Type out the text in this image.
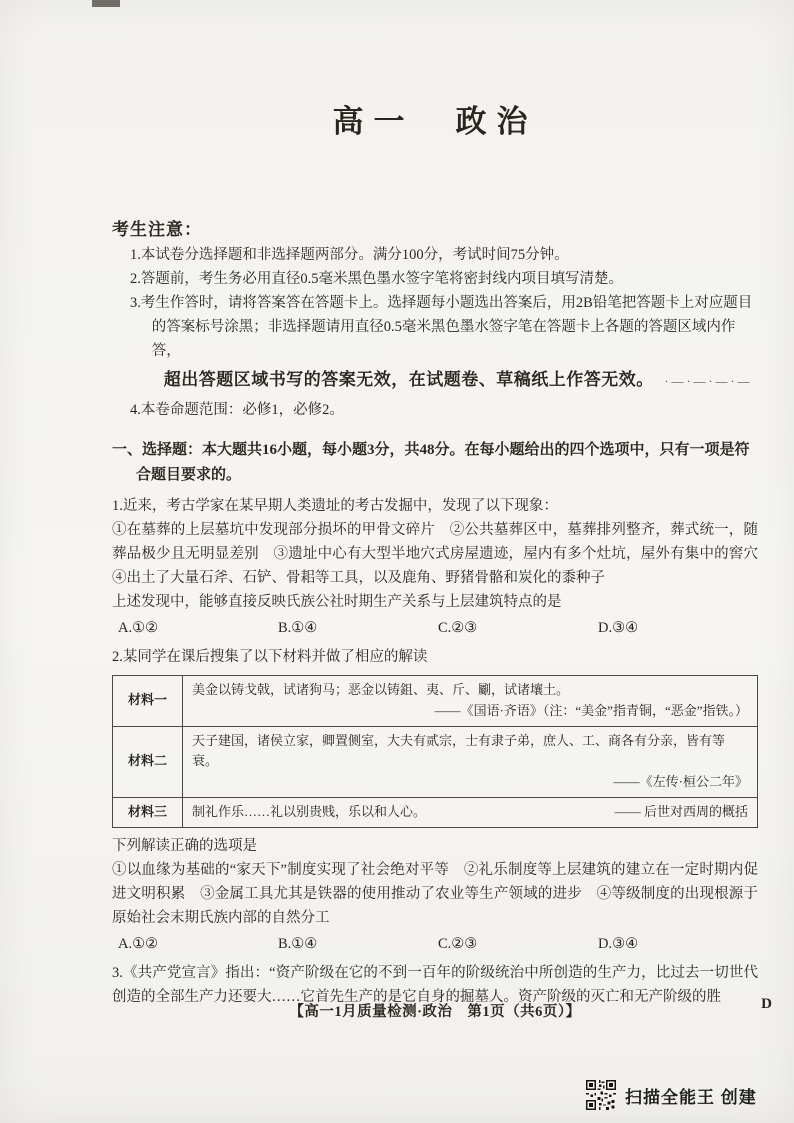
高一　政治

考生注意：

1.本试卷分选择题和非选择题两部分。满分100分，考试时间75分钟。

2.答题前，考生务必用直径0.5毫米黑色墨水签字笔将密封线内项目填写清楚。

3.考生作答时，请将答案答在答题卡上。选择题每小题选出答案后，用2B铅笔把答题卡上对应题目的答案标号涂黑；非选择题请用直径0.5毫米黑色墨水签字笔在答题卡上各题的答题区域内作答，
超出答题区域书写的答案无效，在试题卷、草稿纸上作答无效。 ·—·—·—·—

4.本卷命题范围：必修1，必修2。

一、选择题：本大题共16小题，每小题3分，共48分。在每小题给出的四个选项中，只有一项是符合题目要求的。

1.近来，考古学家在某早期人类遗址的考古发掘中，发现了以下现象：

①在墓葬的上层墓坑中发现部分损坏的甲骨文碎片　②公共墓葬区中，墓葬排列整齐，葬式统一，随葬品极少且无明显差别　③遗址中心有大型半地穴式房屋遗迹，屋内有多个灶坑，屋外有集中的窖穴　④出土了大量石斧、石铲、骨耜等工具，以及鹿角、野猪骨骼和炭化的黍种子

上述发现中，能够直接反映氏族公社时期生产关系与上层建筑特点的是

A.①②	B.①④	C.②③	D.③④

2.某同学在课后搜集了以下材料并做了相应的解读

材料一	美金以铸戈戟，试诸狗马；恶金以铸鉏、夷、斤、劚，试诸壤土。
——《国语·齐语》（注：“美金”指青铜，“恶金”指铁。）

材料二	天子建国，诸侯立家，卿置侧室，大夫有贰宗，士有隶子弟，庶人、工、商各有分亲，皆有等衰。
——《左传·桓公二年》

材料三	制礼作乐……礼以别贵贱，乐以和人心。 —— 后世对西周的概括

下列解读正确的选项是

①以血缘为基础的“家天下”制度实现了社会绝对平等　②礼乐制度等上层建筑的建立在一定时期内促进文明积累　③金属工具尤其是铁器的使用推动了农业等生产领域的进步　④等级制度的出现根源于原始社会末期氏族内部的自然分工

A.①②	B.①④	C.②③	D.③④

3.《共产党宣言》指出：“资产阶级在它的不到一百年的阶级统治中所创造的生产力，比过去一切世代创造的全部生产力还要大……它首先生产的是它自身的掘墓人。资产阶级的灭亡和无产阶级的胜

【高一1月质量检测·政治　第1页（共6页）】	D

扫描全能王 创建
